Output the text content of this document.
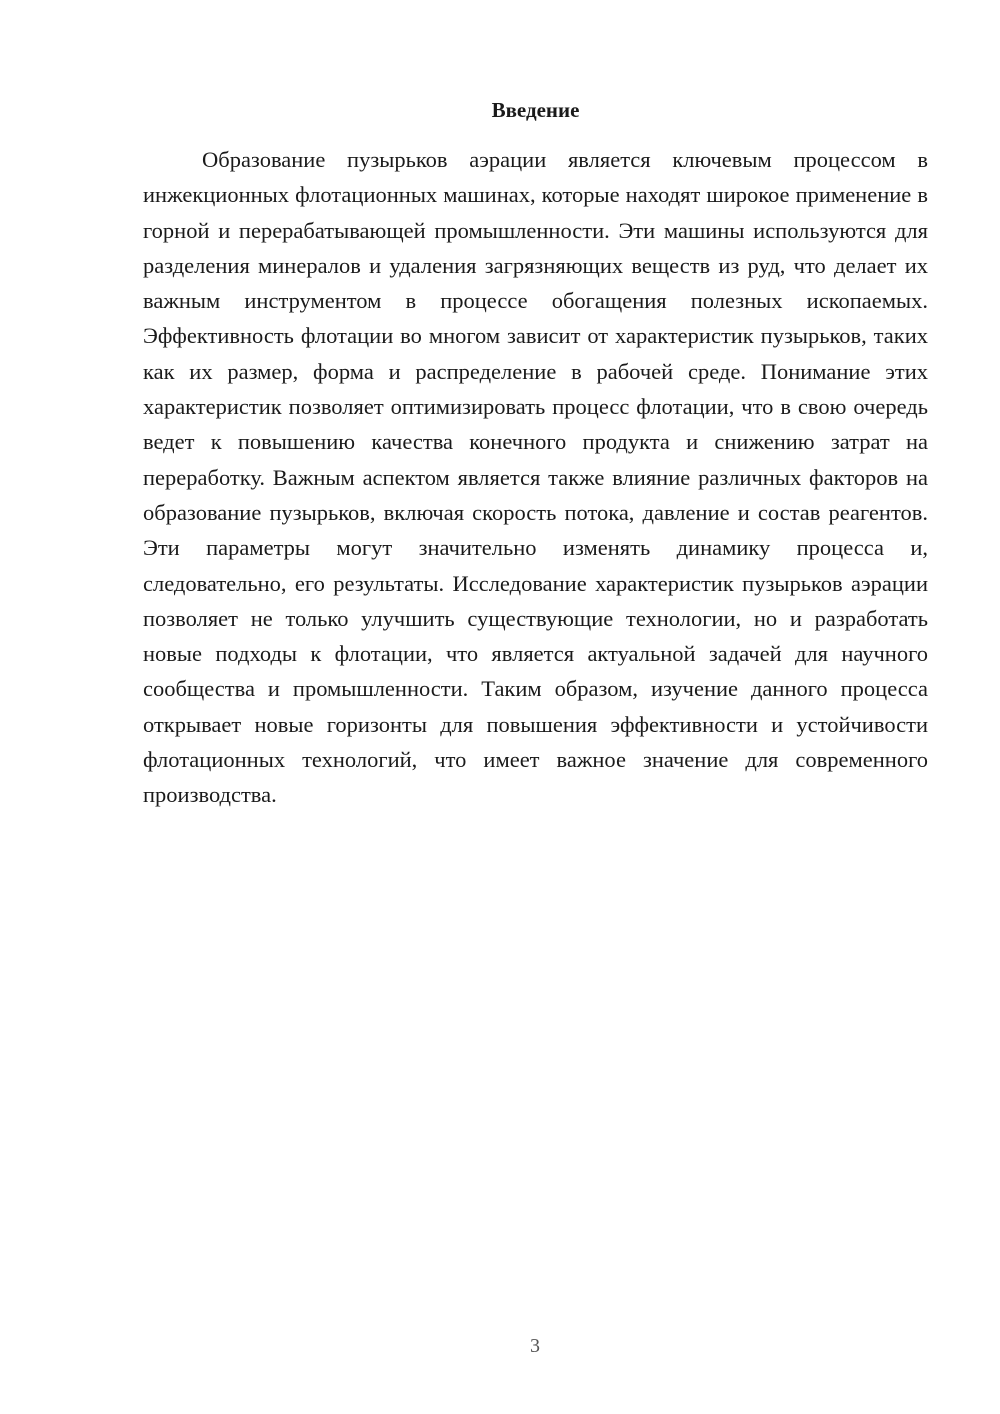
Введение

Образование пузырьков аэрации является ключевым процессом в инжекционных флотационных машинах, которые находят широкое применение в горной и перерабатывающей промышленности. Эти машины используются для разделения минералов и удаления загрязняющих веществ из руд, что делает их важным инструментом в процессе обогащения полезных ископаемых. Эффективность флотации во многом зависит от характеристик пузырьков, таких как их размер, форма и распределение в рабочей среде. Понимание этих характеристик позволяет оптимизировать процесс флотации, что в свою очередь ведет к повышению качества конечного продукта и снижению затрат на переработку. Важным аспектом является также влияние различных факторов на образование пузырьков, включая скорость потока, давление и состав реагентов. Эти параметры могут значительно изменять динамику процесса и, следовательно, его результаты. Исследование характеристик пузырьков аэрации позволяет не только улучшить существующие технологии, но и разработать новые подходы к флотации, что является актуальной задачей для научного сообщества и промышленности. Таким образом, изучение данного процесса открывает новые горизонты для повышения эффективности и устойчивости флотационных технологий, что имеет важное значение для современного производства.

3
